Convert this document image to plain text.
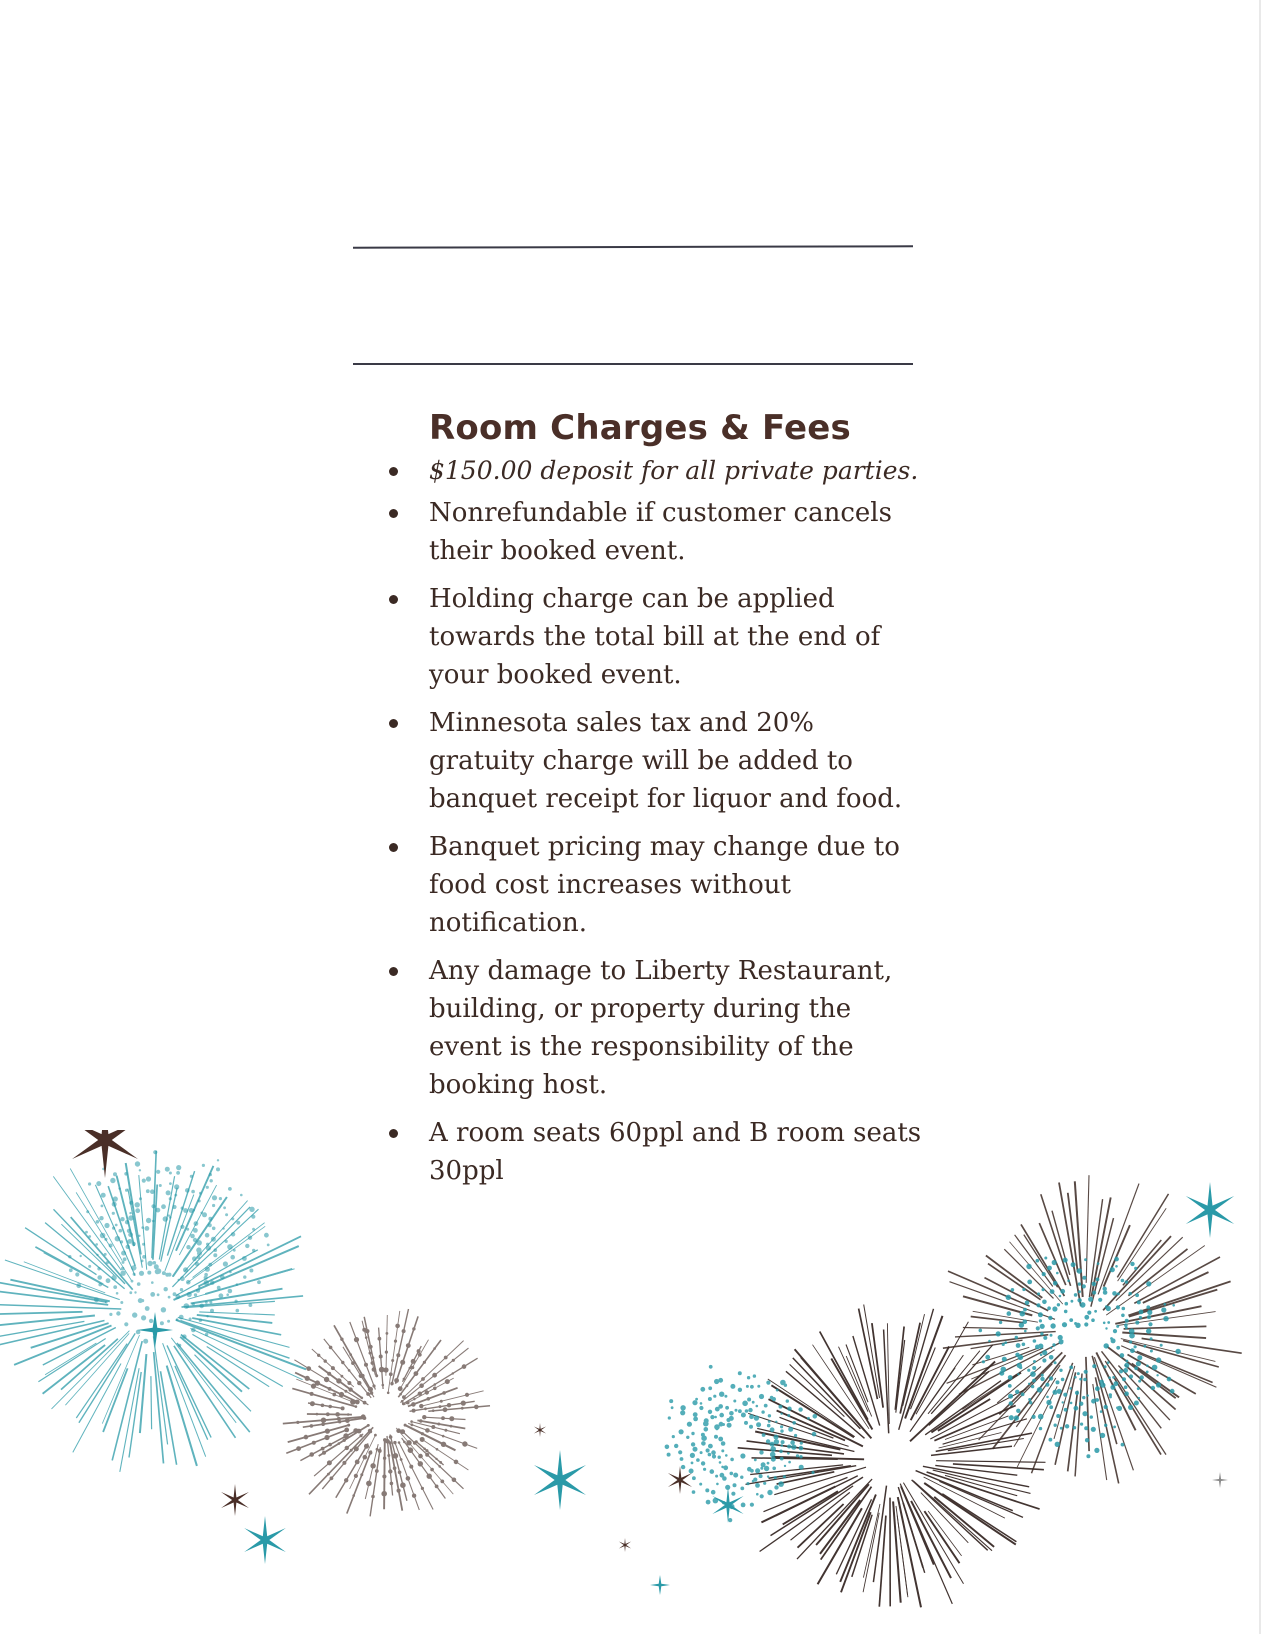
Room Charges & Fees
$150.00 deposit for all private parties.
Nonrefundable if customer cancels their booked event.
Holding charge can be applied towards the total bill at the end of your booked event.
Minnesota sales tax and 20% gratuity charge will be added to banquet receipt for liquor and food.
Banquet pricing may change due to food cost increases without notification.
Any damage to Liberty Restaurant, building, or property during the event is the responsibility of the booking host.
A room seats 60ppl and B room seats 30ppl
